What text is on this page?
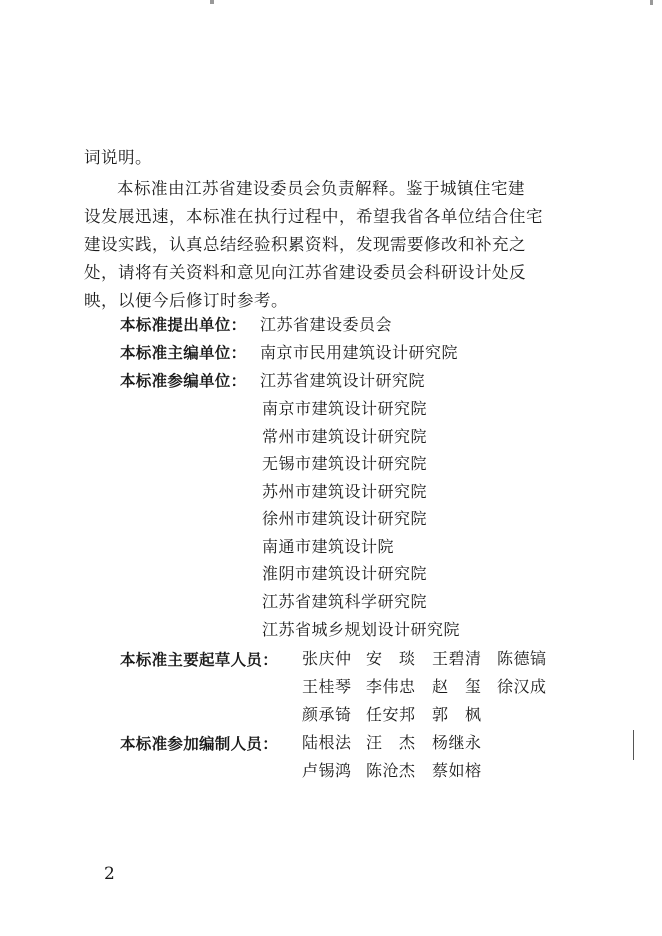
词说明。
本标准由江苏省建设委员会负责解释。鉴于城镇住宅建
设发展迅速，本标准在执行过程中，希望我省各单位结合住宅
建设实践，认真总结经验积累资料，发现需要修改和补充之
处，请将有关资料和意见向江苏省建设委员会科研设计处反
映，以便今后修订时参考。
本标准提出单位： 江苏省建设委员会
本标准主编单位： 南京市民用建筑设计研究院
本标准参编单位： 江苏省建筑设计研究院
南京市建筑设计研究院
常州市建筑设计研究院
无锡市建筑设计研究院
苏州市建筑设计研究院
徐州市建筑设计研究院
南通市建筑设计院
淮阴市建筑设计研究院
江苏省建筑科学研究院
江苏省城乡规划设计研究院
本标准主要起草人员： 张庆仲 安　琰 王碧清 陈德镐
王桂琴 李伟忠 赵　玺 徐汉成
颜承锜 任安邦 郭　枫
本标准参加编制人员： 陆根法 汪　杰 杨继永
卢锡鸿 陈沧杰 蔡如榕
2
